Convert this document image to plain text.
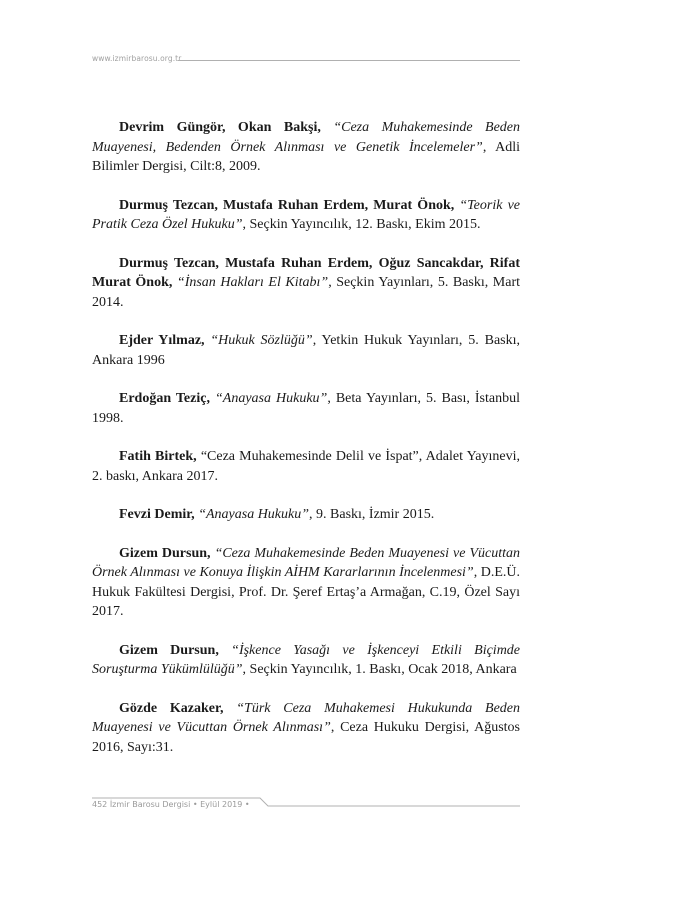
www.izmirbarosu.org.tr

Devrim Güngör, Okan Bakşi, “Ceza Muhakemesinde Beden Muayenesi, Bedenden Örnek Alınması ve Genetik İncelemeler”, Adli Bilimler Dergisi, Cilt:8, 2009.

Durmuş Tezcan, Mustafa Ruhan Erdem, Murat Önok, “Teorik ve Pratik Ceza Özel Hukuku”, Seçkin Yayıncılık, 12. Baskı, Ekim 2015.

Durmuş Tezcan, Mustafa Ruhan Erdem, Oğuz Sancakdar, Rifat Murat Önok, “İnsan Hakları El Kitabı”, Seçkin Yayınları, 5. Baskı, Mart 2014.

Ejder Yılmaz, “Hukuk Sözlüğü”, Yetkin Hukuk Yayınları, 5. Baskı, Ankara 1996

Erdoğan Teziç, “Anayasa Hukuku”, Beta Yayınları, 5. Bası, İstanbul 1998.

Fatih Birtek, “Ceza Muhakemesinde Delil ve İspat”, Adalet Yayınevi, 2. baskı, Ankara 2017.

Fevzi Demir, “Anayasa Hukuku”, 9. Baskı, İzmir 2015.

Gizem Dursun, “Ceza Muhakemesinde Beden Muayenesi ve Vücuttan Örnek Alınması ve Konuya İlişkin AİHM Kararlarının İncelenmesi”, D.E.Ü. Hukuk Fakültesi Dergisi, Prof. Dr. Şeref Ertaş’a Armağan, C.19, Özel Sayı 2017.

Gizem Dursun, “İşkence Yasağı ve İşkenceyi Etkili Biçimde Soruşturma Yükümlülüğü”, Seçkin Yayıncılık, 1. Baskı, Ocak 2018, Ankara

Gözde Kazaker, “Türk Ceza Muhakemesi Hukukunda Beden Muayenesi ve Vücuttan Örnek Alınması”, Ceza Hukuku Dergisi, Ağustos 2016, Sayı:31.

452 İzmir Barosu Dergisi • Eylül 2019 •
